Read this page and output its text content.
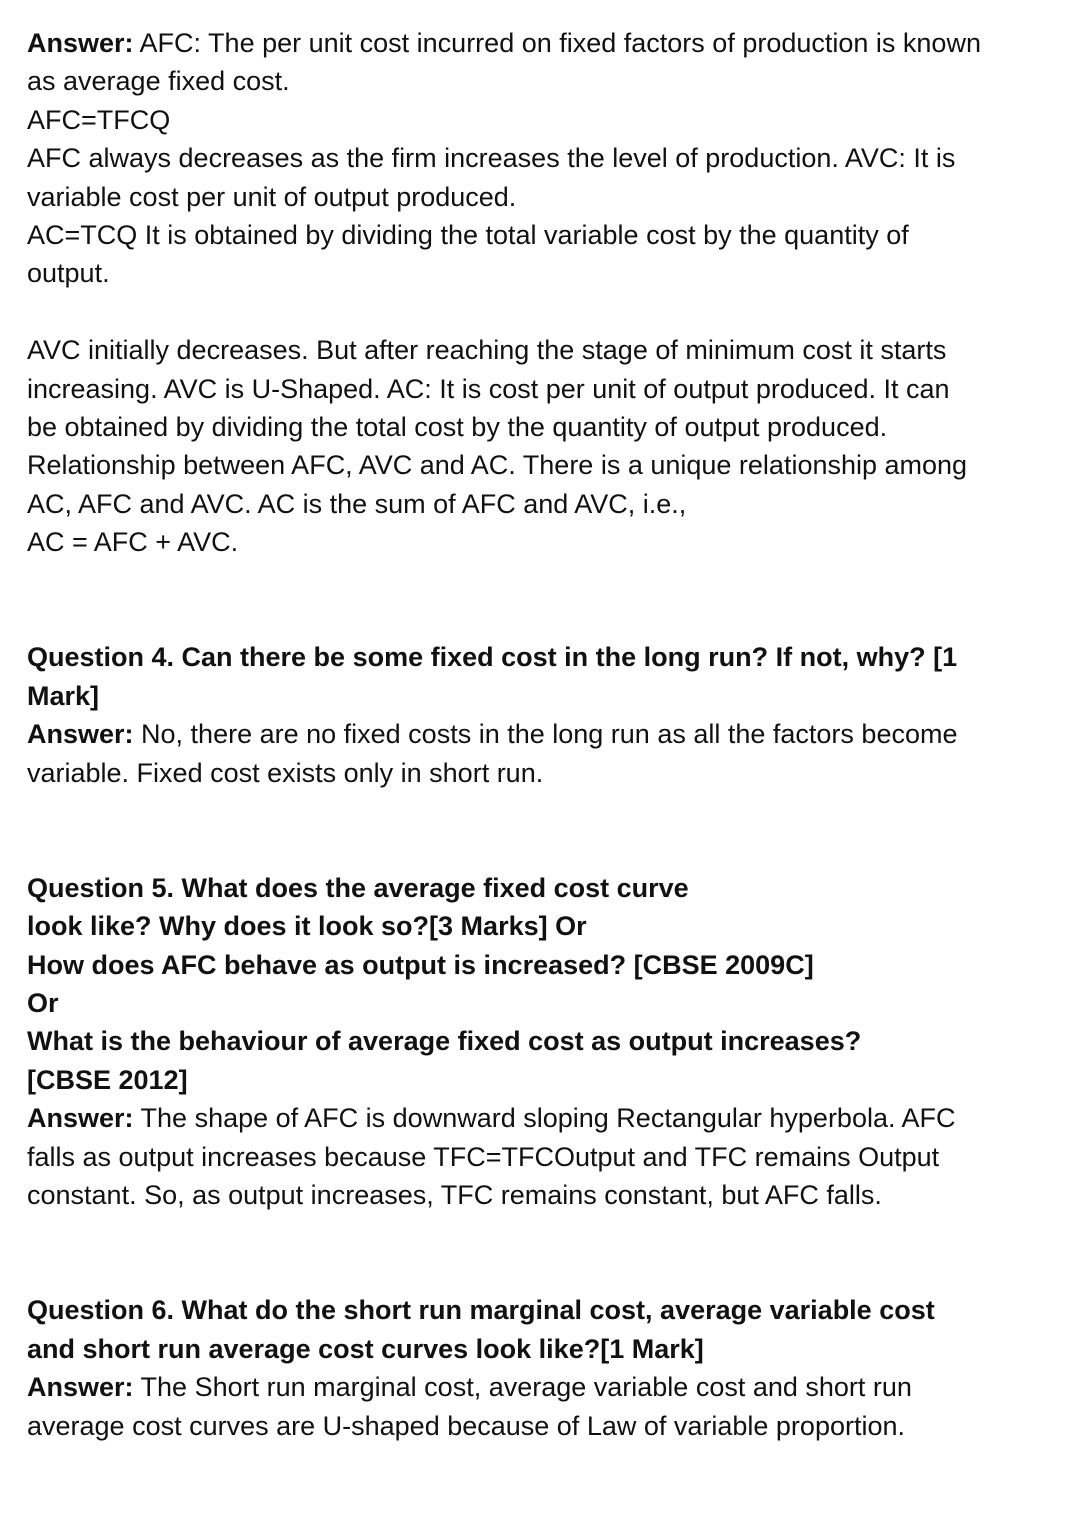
Answer: AFC: The per unit cost incurred on fixed factors of production is known
as average fixed cost.
AFC=TFCQ
AFC always decreases as the firm increases the level of production. AVC: It is
variable cost per unit of output produced.
AC=TCQ It is obtained by dividing the total variable cost by the quantity of
output.
AVC initially decreases. But after reaching the stage of minimum cost it starts
increasing. AVC is U-Shaped. AC: It is cost per unit of output produced. It can
be obtained by dividing the total cost by the quantity of output produced.
Relationship between AFC, AVC and AC. There is a unique relationship among
AC, AFC and AVC. AC is the sum of AFC and AVC, i.e.,
AC = AFC + AVC.
Question 4. Can there be some fixed cost in the long run? If not, why? [1
Mark]
Answer: No, there are no fixed costs in the long run as all the factors become
variable. Fixed cost exists only in short run.
Question 5. What does the average fixed cost curve
look like? Why does it look so?[3 Marks] Or
How does AFC behave as output is increased? [CBSE 2009C]
Or
What is the behaviour of average fixed cost as output increases?
[CBSE 2012]
Answer: The shape of AFC is downward sloping Rectangular hyperbola. AFC
falls as output increases because TFC=TFCOutput and TFC remains Output
constant. So, as output increases, TFC remains constant, but AFC falls.
Question 6. What do the short run marginal cost, average variable cost
and short run average cost curves look like?[1 Mark]
Answer: The Short run marginal cost, average variable cost and short run
average cost curves are U-shaped because of Law of variable proportion.
